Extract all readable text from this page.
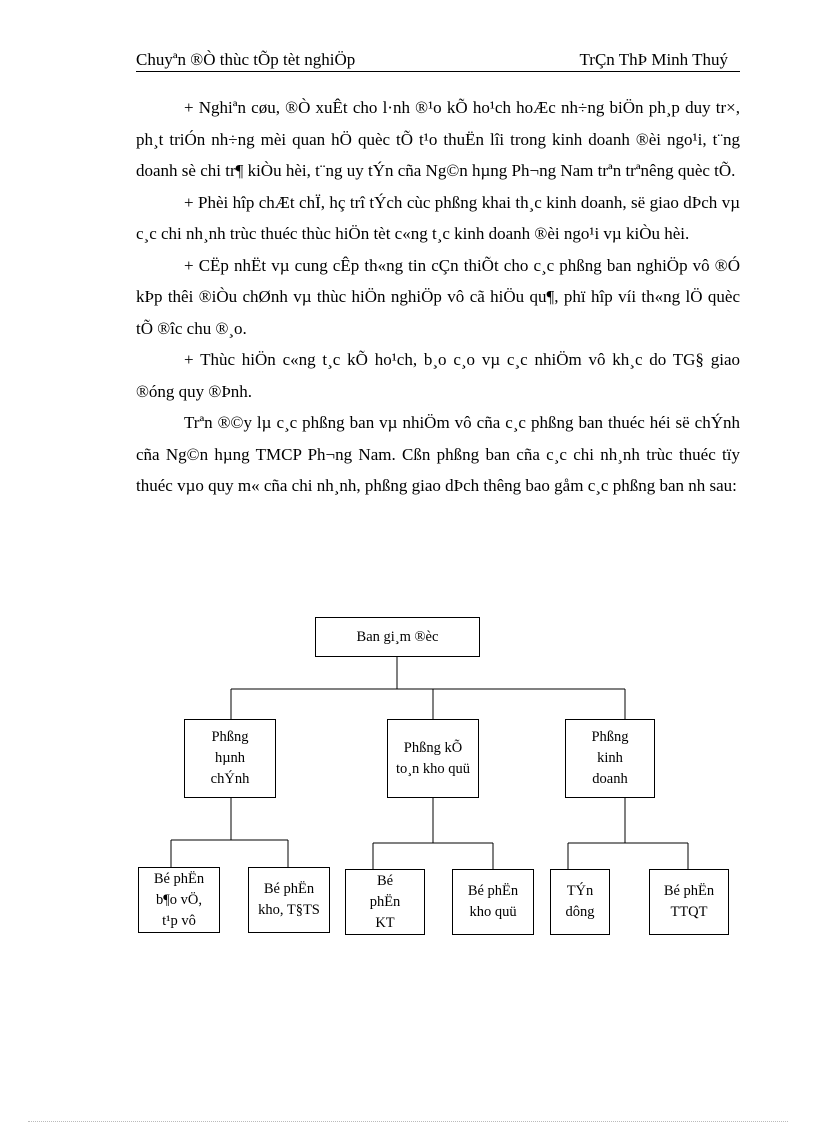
Chuyªn ®Ò thùc tÕp tèt nghiÖp	TrÇn ThÞ Minh Thuý

+ Nghiªn cøu, ®Ò xuÊt cho l·nh ®¹o kÕ ho¹ch hoÆc nh÷ng biÖn ph¸p duy tr×, ph¸t triÓn nh÷ng mèi quan hÖ quèc tÕ t¹o thuËn lîi trong kinh doanh ®èi ngo¹i, t¨ng doanh sè chi tr¶ kiÒu hèi, t¨ng uy tÝn cña Ng©n hµng Ph¬ng Nam trªn trªnêng quèc tÕ.

+ Phèi hîp chÆt chÏ, hç trî tÝch cùc phßng khai th¸c kinh doanh, së giao dÞch vµ c¸c chi nh¸nh trùc thuéc thùc hiÖn tèt c«ng t¸c kinh doanh ®èi ngo¹i vµ kiÒu hèi.

+ CËp nhËt vµ cung cÊp th«ng tin cÇn thiÕt cho c¸c phßng ban nghiÖp vô ®Ó kÞp thêi ®iÒu chØnh vµ thùc hiÖn nghiÖp vô cã hiÖu qu¶, phï hîp víi th«ng lÖ quèc tÕ ®îc chu ®¸o.

+ Thùc hiÖn c«ng t¸c kÕ ho¹ch, b¸o c¸o vµ c¸c nhiÖm vô kh¸c do TG§ giao ®óng quy ®Þnh.

Trªn ®©y lµ c¸c phßng ban vµ nhiÖm vô cña c¸c phßng ban thuéc héi së chÝnh cña Ng©n hµng TMCP Ph¬ng Nam. Cßn phßng ban cña c¸c chi nh¸nh trùc thuéc tïy thuéc vµo quy m« cña chi nh¸nh, phßng giao dÞch thêng bao gåm c¸c phßng ban nh sau:

Ban gi¸m ®èc
Phßng hµnh chÝnh
Phßng kÕ to¸n kho quü
Phßng kinh doanh
Bé phËn b¶o vÖ, t¹p vô
Bé phËn kho, T§TS
Bé phËn KT
Bé phËn kho quü
TÝn dông
Bé phËn TTQT
